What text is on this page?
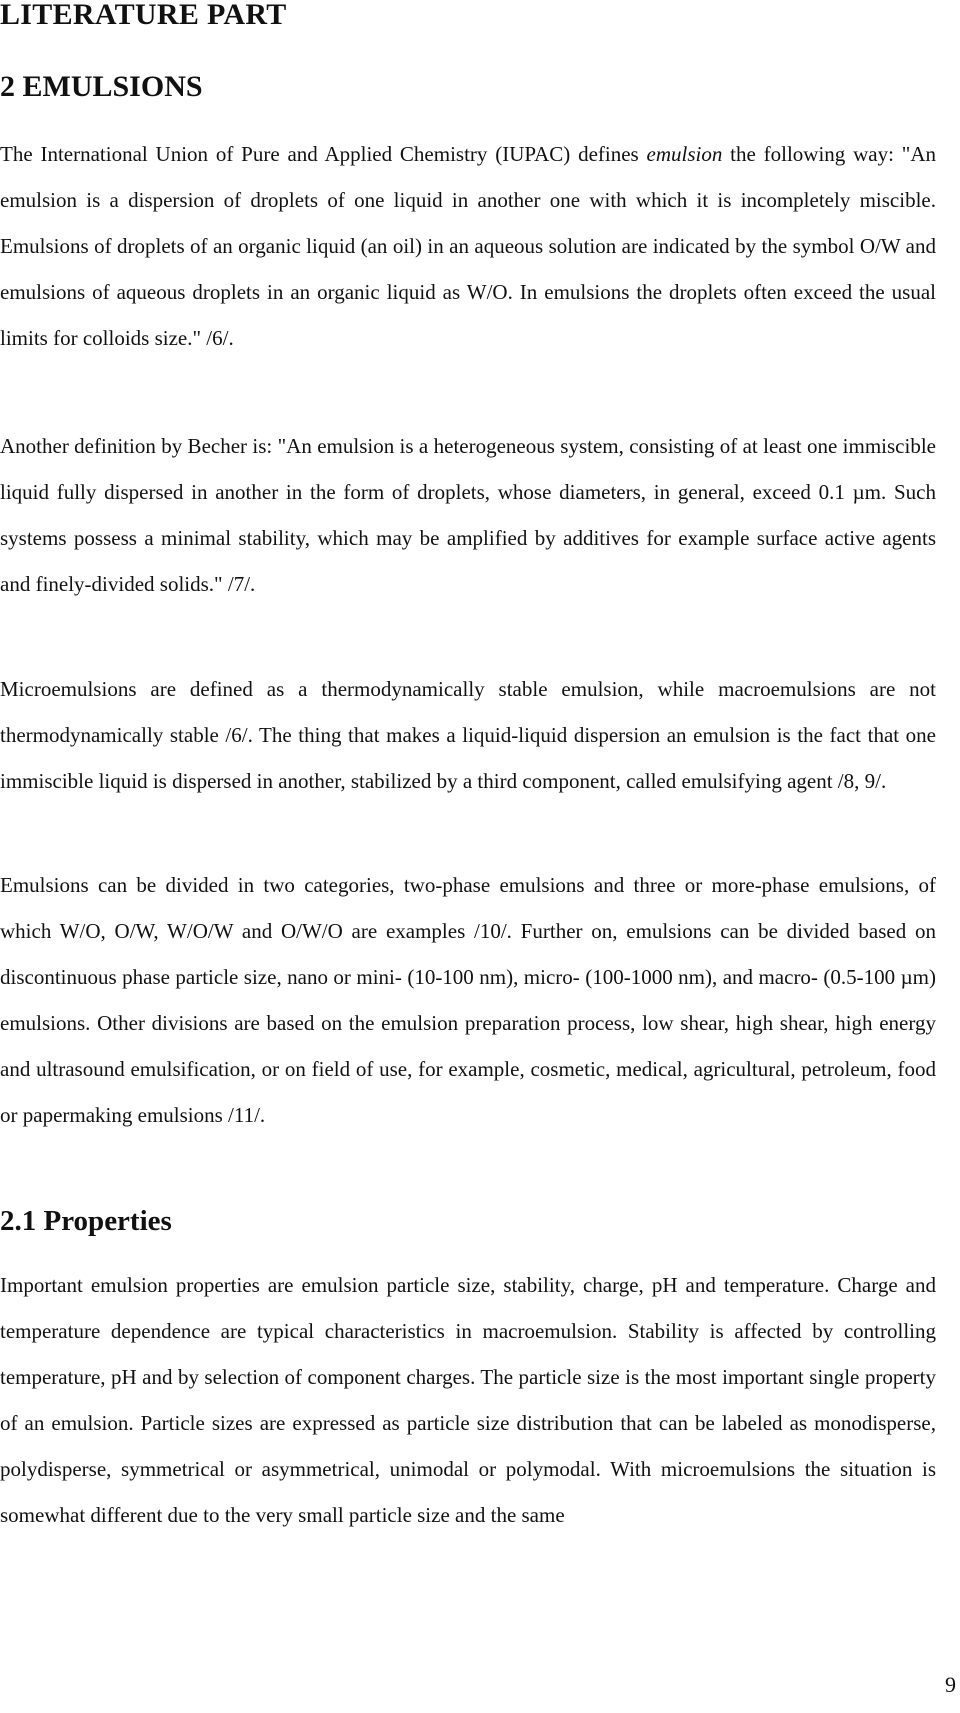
LITERATURE PART
2 EMULSIONS

The International Union of Pure and Applied Chemistry (IUPAC) defines emulsion the following way: "An emulsion is a dispersion of droplets of one liquid in another one with which it is incompletely miscible. Emulsions of droplets of an organic liquid (an oil) in an aqueous solution are indicated by the symbol O/W and emulsions of aqueous droplets in an organic liquid as W/O. In emulsions the droplets often exceed the usual limits for colloids size." /6/.

Another definition by Becher is: "An emulsion is a heterogeneous system, consisting of at least one immiscible liquid fully dispersed in another in the form of droplets, whose diameters, in general, exceed 0.1 µm. Such systems possess a minimal stability, which may be amplified by additives for example surface active agents and finely-divided solids." /7/.

Microemulsions are defined as a thermodynamically stable emulsion, while macroemulsions are not thermodynamically stable /6/. The thing that makes a liquid-liquid dispersion an emulsion is the fact that one immiscible liquid is dispersed in another, stabilized by a third component, called emulsifying agent /8, 9/.

Emulsions can be divided in two categories, two-phase emulsions and three or more-phase emulsions, of which W/O, O/W, W/O/W and O/W/O are examples /10/. Further on, emulsions can be divided based on discontinuous phase particle size, nano or mini- (10-100 nm), micro- (100-1000 nm), and macro- (0.5-100 µm) emulsions. Other divisions are based on the emulsion preparation process, low shear, high shear, high energy and ultrasound emulsification, or on field of use, for example, cosmetic, medical, agricultural, petroleum, food or papermaking emulsions /11/.

2.1 Properties

Important emulsion properties are emulsion particle size, stability, charge, pH and temperature. Charge and temperature dependence are typical characteristics in macroemulsion. Stability is affected by controlling temperature, pH and by selection of component charges. The particle size is the most important single property of an emulsion. Particle sizes are expressed as particle size distribution that can be labeled as monodisperse, polydisperse, symmetrical or asymmetrical, unimodal or polymodal. With microemulsions the situation is somewhat different due to the very small particle size and the same

9
